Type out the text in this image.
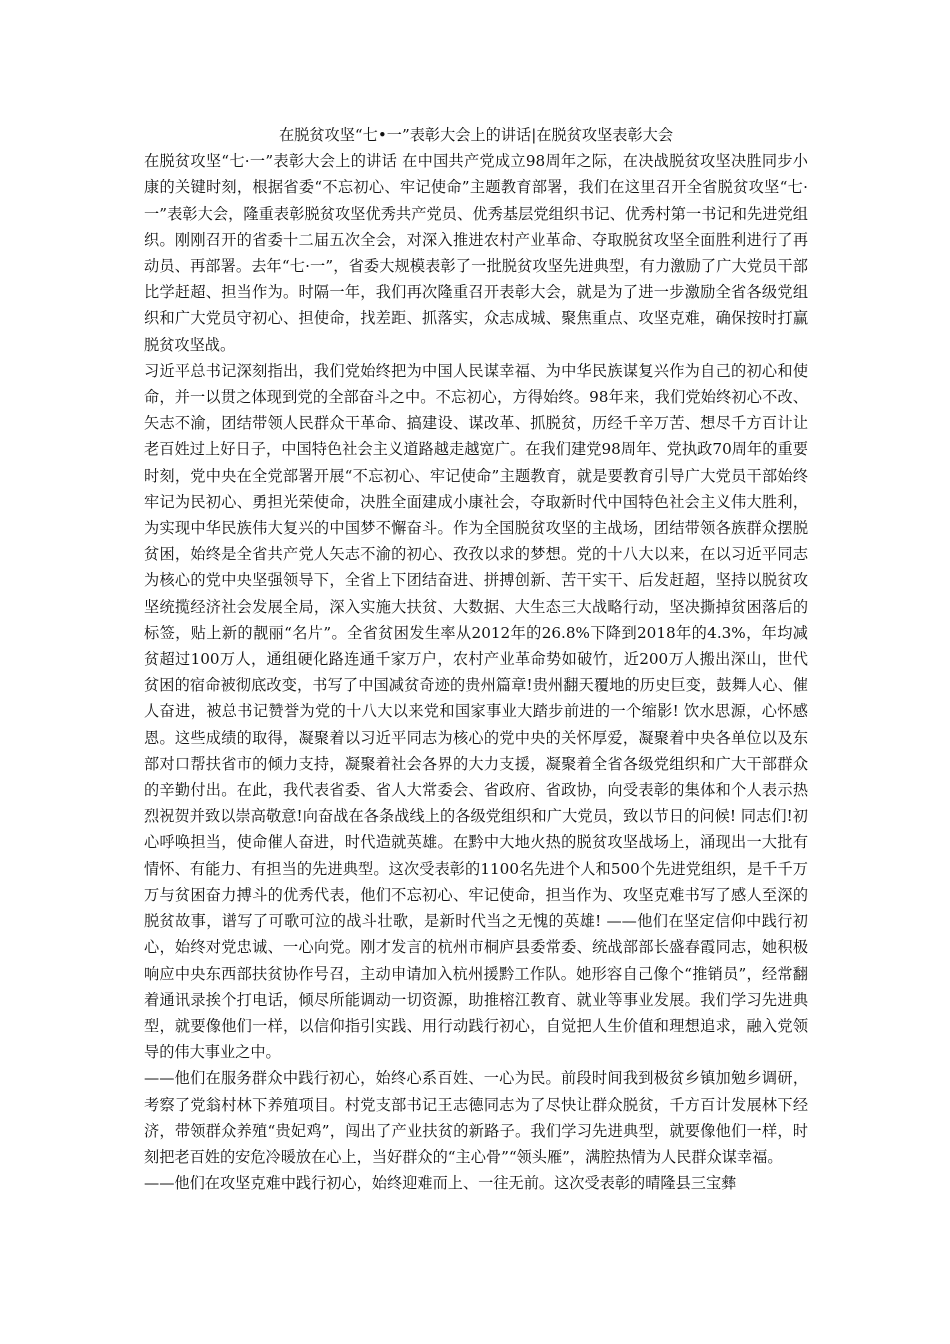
在脱贫攻坚“七•一”表彰大会上的讲话|在脱贫攻坚表彰大会

在脱贫攻坚“七·一”表彰大会上的讲话 在中国共产党成立98周年之际，在决战脱贫攻坚决胜同步小康的关键时刻，根据省委“不忘初心、牢记使命”主题教育部署，我们在这里召开全省脱贫攻坚“七·一”表彰大会，隆重表彰脱贫攻坚优秀共产党员、优秀基层党组织书记、优秀村第一书记和先进党组织。刚刚召开的省委十二届五次全会，对深入推进农村产业革命、夺取脱贫攻坚全面胜利进行了再动员、再部署。去年“七·一”，省委大规模表彰了一批脱贫攻坚先进典型，有力激励了广大党员干部比学赶超、担当作为。时隔一年，我们再次隆重召开表彰大会，就是为了进一步激励全省各级党组织和广大党员守初心、担使命，找差距、抓落实，众志成城、聚焦重点、攻坚克难，确保按时打赢脱贫攻坚战。

习近平总书记深刻指出，我们党始终把为中国人民谋幸福、为中华民族谋复兴作为自己的初心和使命，并一以贯之体现到党的全部奋斗之中。不忘初心，方得始终。98年来，我们党始终初心不改、矢志不渝，团结带领人民群众干革命、搞建设、谋改革、抓脱贫，历经千辛万苦、想尽千方百计让老百姓过上好日子，中国特色社会主义道路越走越宽广。在我们建党98周年、党执政70周年的重要时刻，党中央在全党部署开展“不忘初心、牢记使命”主题教育，就是要教育引导广大党员干部始终牢记为民初心、勇担光荣使命，决胜全面建成小康社会，夺取新时代中国特色社会主义伟大胜利，为实现中华民族伟大复兴的中国梦不懈奋斗。作为全国脱贫攻坚的主战场，团结带领各族群众摆脱贫困，始终是全省共产党人矢志不渝的初心、孜孜以求的梦想。党的十八大以来，在以习近平同志为核心的党中央坚强领导下，全省上下团结奋进、拼搏创新、苦干实干、后发赶超，坚持以脱贫攻坚统揽经济社会发展全局，深入实施大扶贫、大数据、大生态三大战略行动，坚决撕掉贫困落后的标签，贴上新的靓丽“名片”。全省贫困发生率从2012年的26.8%下降到2018年的4.3%，年均减贫超过100万人，通组硬化路连通千家万户，农村产业革命势如破竹，近200万人搬出深山，世代贫困的宿命被彻底改变，书写了中国减贫奇迹的贵州篇章!贵州翻天覆地的历史巨变，鼓舞人心、催人奋进，被总书记赞誉为党的十八大以来党和国家事业大踏步前进的一个缩影! 饮水思源，心怀感恩。这些成绩的取得，凝聚着以习近平同志为核心的党中央的关怀厚爱，凝聚着中央各单位以及东部对口帮扶省市的倾力支持，凝聚着社会各界的大力支援，凝聚着全省各级党组织和广大干部群众的辛勤付出。在此，我代表省委、省人大常委会、省政府、省政协，向受表彰的集体和个人表示热烈祝贺并致以崇高敬意!向奋战在各条战线上的各级党组织和广大党员，致以节日的问候! 同志们!初心呼唤担当，使命催人奋进，时代造就英雄。在黔中大地火热的脱贫攻坚战场上，涌现出一大批有情怀、有能力、有担当的先进典型。这次受表彰的1100名先进个人和500个先进党组织，是千千万万与贫困奋力搏斗的优秀代表，他们不忘初心、牢记使命，担当作为、攻坚克难书写了感人至深的脱贫故事，谱写了可歌可泣的战斗壮歌，是新时代当之无愧的英雄! ——他们在坚定信仰中践行初心，始终对党忠诚、一心向党。刚才发言的杭州市桐庐县委常委、统战部部长盛春霞同志，她积极响应中央东西部扶贫协作号召，主动申请加入杭州援黔工作队。她形容自己像个“推销员”，经常翻着通讯录挨个打电话，倾尽所能调动一切资源，助推榕江教育、就业等事业发展。我们学习先进典型，就要像他们一样，以信仰指引实践、用行动践行初心，自觉把人生价值和理想追求，融入党领导的伟大事业之中。

——他们在服务群众中践行初心，始终心系百姓、一心为民。前段时间我到极贫乡镇加勉乡调研，考察了党翁村林下养殖项目。村党支部书记王志德同志为了尽快让群众脱贫，千方百计发展林下经济，带领群众养殖“贵妃鸡”，闯出了产业扶贫的新路子。我们学习先进典型，就要像他们一样，时刻把老百姓的安危冷暖放在心上，当好群众的“主心骨”“领头雁”，满腔热情为人民群众谋幸福。

——他们在攻坚克难中践行初心，始终迎难而上、一往无前。这次受表彰的晴隆县三宝彝
